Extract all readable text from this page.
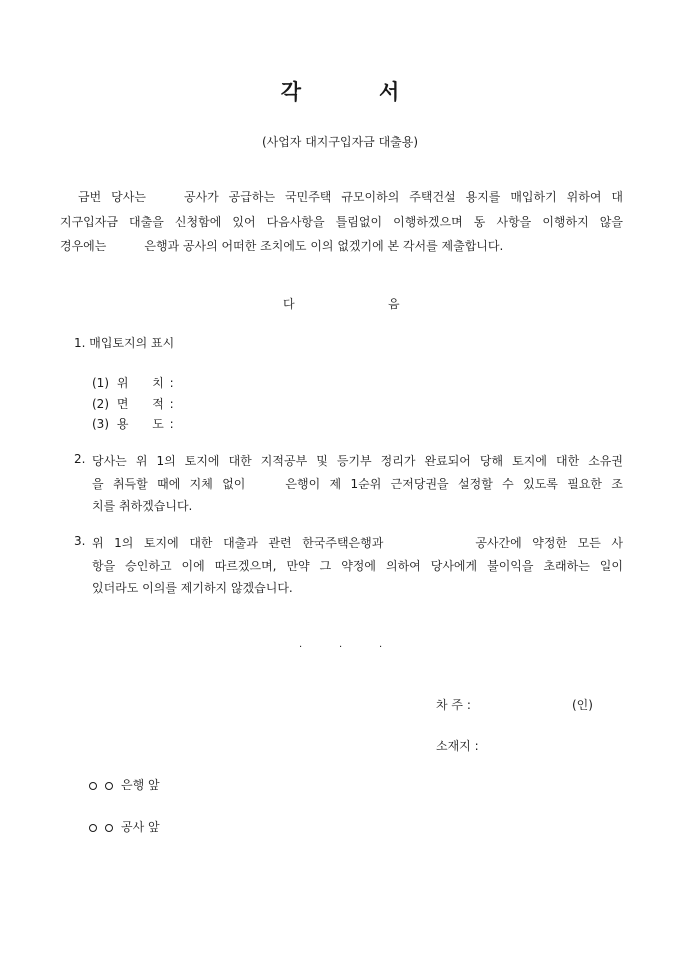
각	서
(사업자 대지구입자금 대출용)
금번 당사는	공사가 공급하는 국민주택 규모이하의 주택건설 용지를 매입하기 위하여 대
지구입자금 대출을 신청함에 있어 다음사항을 틀림없이 이행하겠으며 동 사항을 이행하지 않을
경우에는	은행과 공사의 어떠한 조치에도 이의 없겠기에 본 각서를 제출합니다.
다	음
1. 매입토지의 표시
(1) 위 치 :
(2) 면 적 :
(3) 용 도 :
2. 당사는 위 1의 토지에 대한 지적공부 및 등기부 정리가 완료되어 당해 토지에 대한 소유권
을 취득할 때에 지체 없이	은행이 제 1순위 근저당권을 설정할 수 있도록 필요한 조
치를 취하겠습니다.
3. 위 1의 토지에 대한 대출과 관련 한국주택은행과	공사간에 약정한 모든 사
항을 승인하고 이에 따르겠으며, 만약 그 약정에 의하여 당사에게 불이익을 초래하는 일이
있더라도 이의를 제기하지 않겠습니다.
.	.	.
차 주 :	(인)
소재지 :
은행 앞
공사 앞
